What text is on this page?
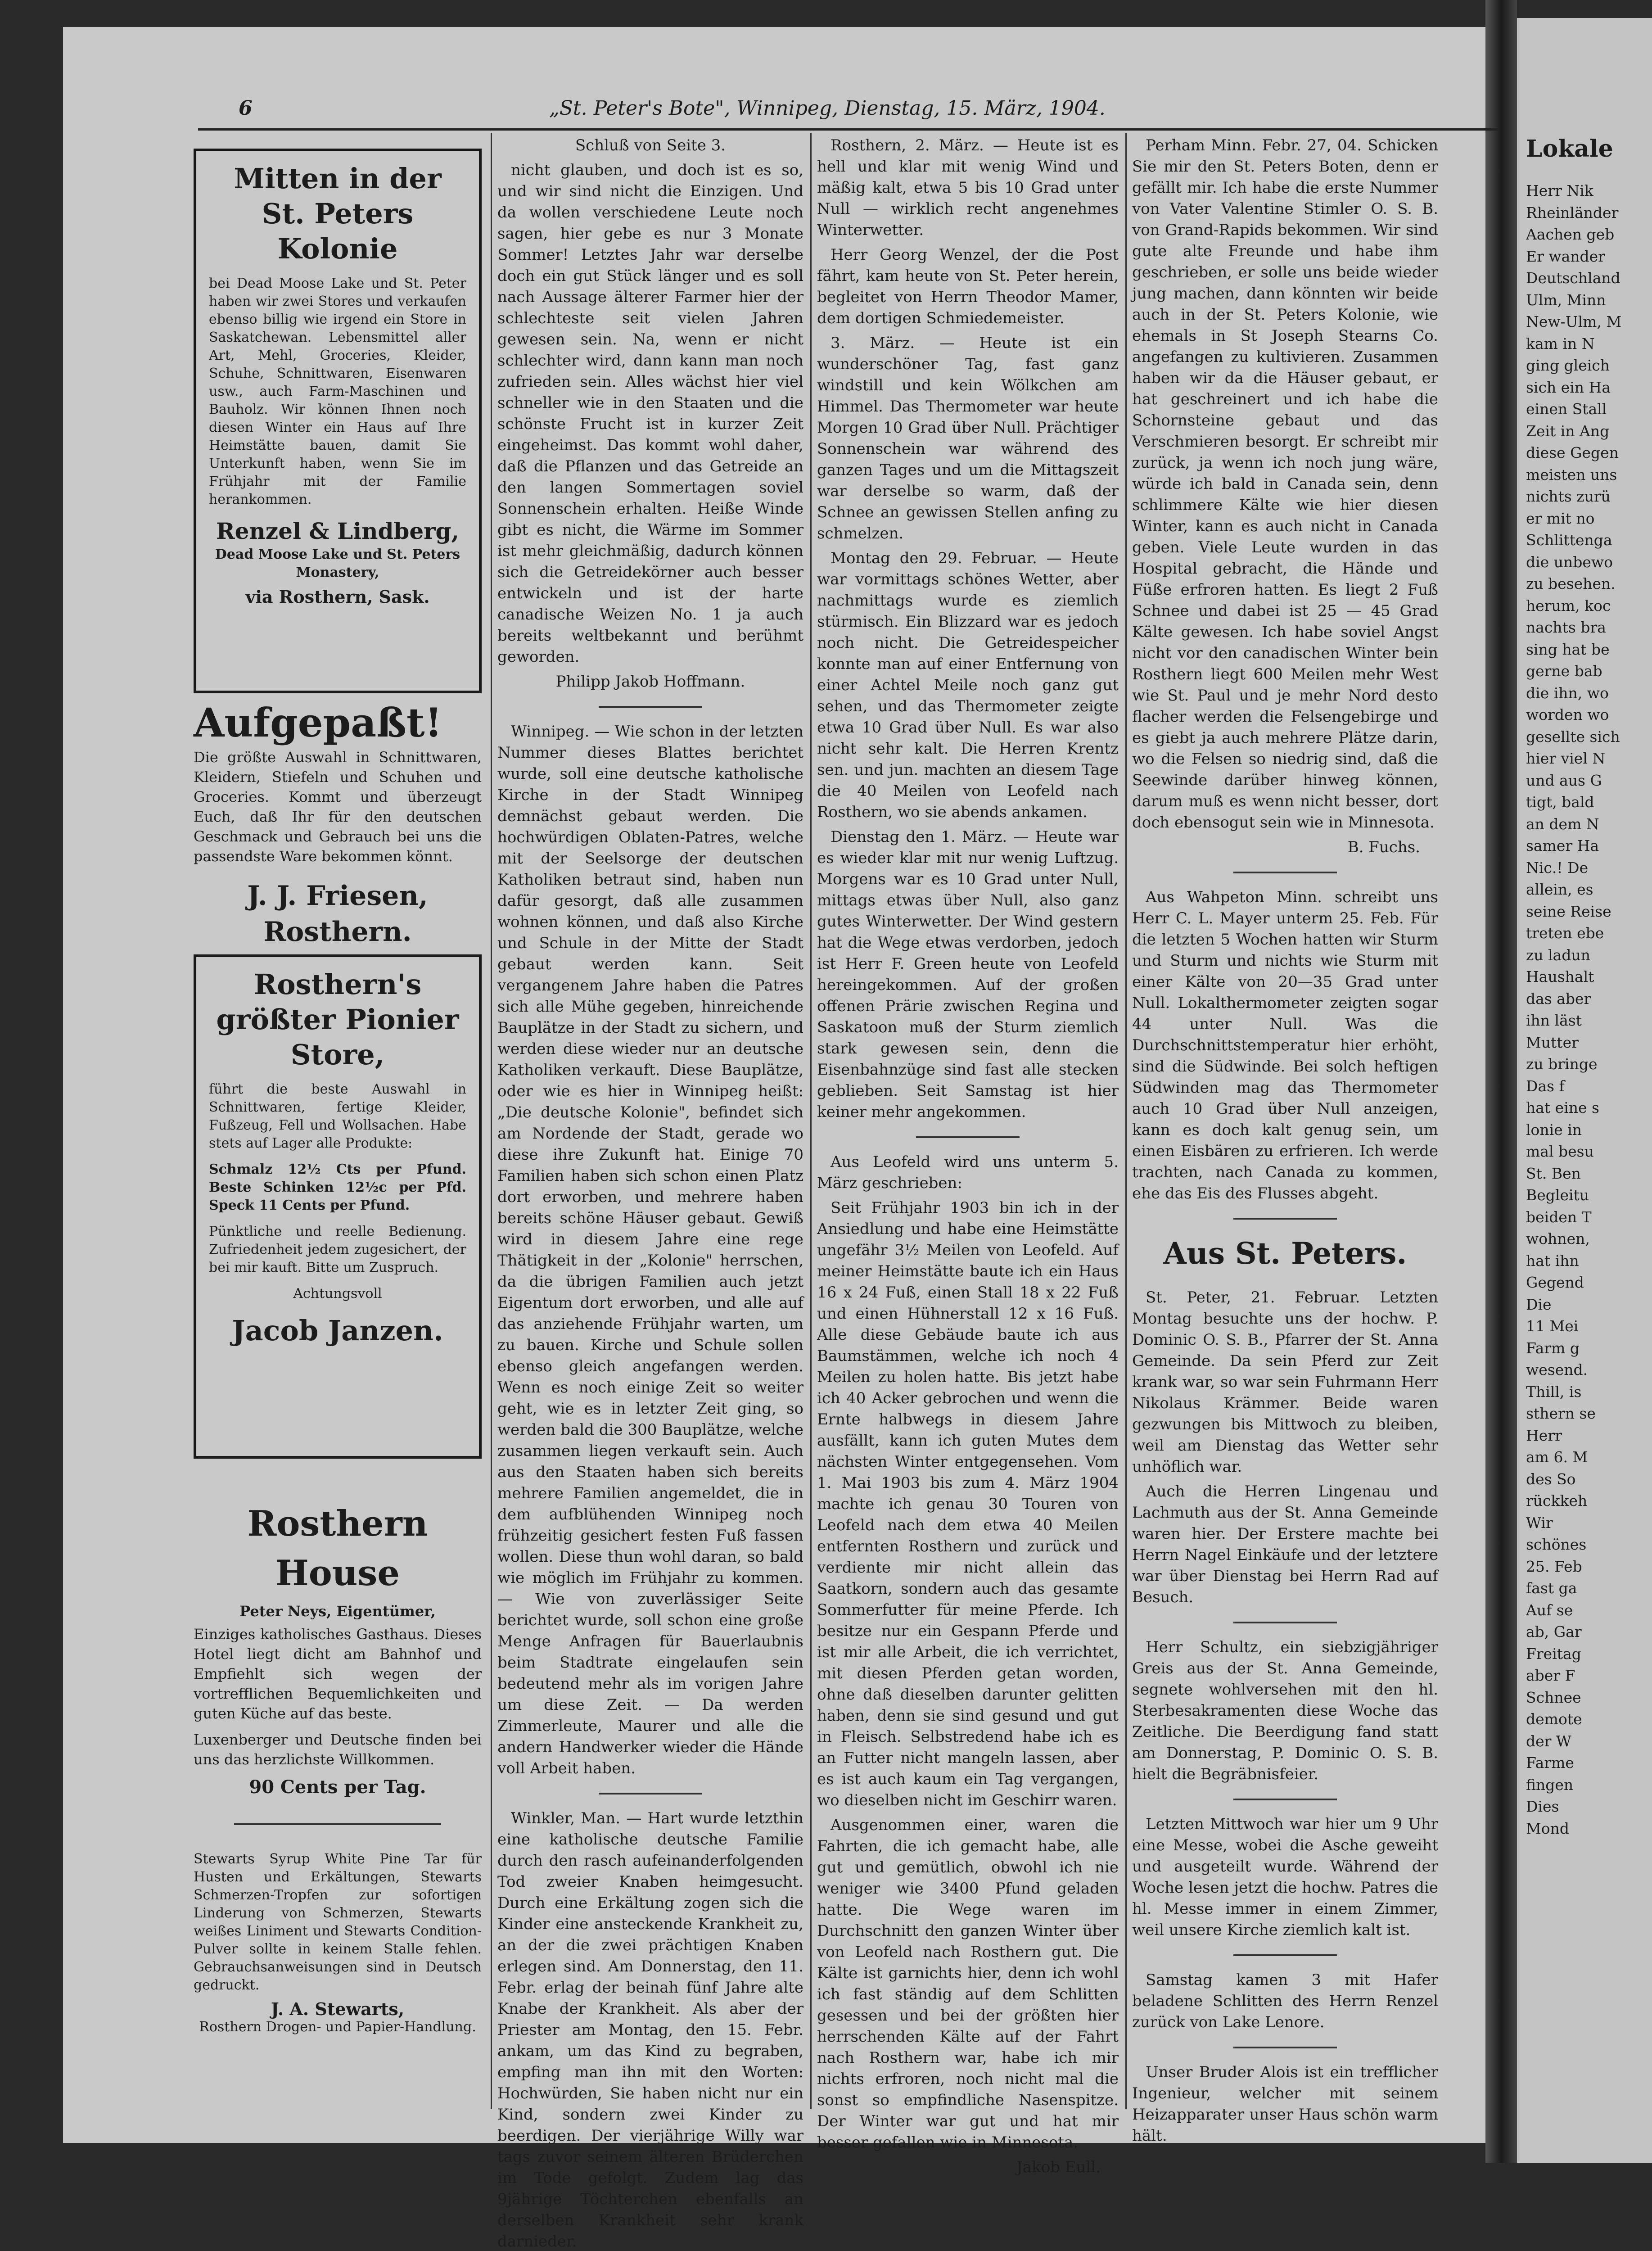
Lokale
Herr Nik
Rheinländer
Aachen geb
Er wander
Deutschland
Ulm, Minn
New-Ulm, M
kam in N
ging gleich
sich ein Ha
einen Stall
Zeit in Ang
diese Gegen
meisten uns
nichts zurü
er mit no
Schlittenga
die unbewo
zu besehen.
herum, koc
nachts bra
sing hat be
gerne bab
die ihn, wo
worden wo
gesellte sich
hier viel N
und aus G
tigt, bald
an dem N
samer Ha
Nic.! De
allein, es
seine Reise
treten ebe
zu ladun
Haushalt
das aber
ihn läst
Mutter
zu bringe
Das f
hat eine s
lonie in
mal besu
St. Ben
Begleitu
beiden T
wohnen,
hat ihn
Gegend
Die
11 Mei
Farm g
wesend.
Thill, is
sthern se
Herr
am 6. M
des So
rückkeh
Wir
schönes
25. Feb
fast ga
Auf se
ab, Gar
Freitag
aber F
Schnee
demote
der W
Farme
fingen
Dies
Mond
6	„St. Peter's Bote", Winnipeg, Dienstag, 15. März, 1904.
Mitten in der St. Peters Kolonie
bei Dead Moose Lake und St. Peter haben wir zwei Stores und verkaufen ebenso billig wie irgend ein Store in Saskatchewan. Lebensmittel aller Art, Mehl, Groceries, Kleider, Schuhe, Schnittwaren, Eisenwaren usw., auch Farm-Maschinen und Bauholz. Wir können Ihnen noch diesen Winter ein Haus auf Ihre Heimstätte bauen, damit Sie Unterkunft haben, wenn Sie im Frühjahr mit der Familie herankommen.
Renzel & Lindberg,
Dead Moose Lake und St. Peters Monastery,
via Rosthern, Sask.
Aufgepaßt!
Die größte Auswahl in Schnittwaren, Kleidern, Stiefeln und Schuhen und Groceries. Kommt und überzeugt Euch, daß Ihr für den deutschen Geschmack und Gebrauch bei uns die passendste Ware bekommen könnt.
J. J. Friesen, Rosthern.
Rosthern's größter Pionier Store,
führt die beste Auswahl in Schnittwaren, fertige Kleider, Fußzeug, Fell und Wollsachen. Habe stets auf Lager alle Produkte:
Schmalz 12½ Cts per Pfund. Beste Schinken 12½c per Pfd. Speck 11 Cents per Pfund.
Pünktliche und reelle Bedienung. Zufriedenheit jedem zugesichert, der bei mir kauft. Bitte um Zuspruch.
Achtungsvoll
Jacob Janzen.
Rosthern House
Peter Neys, Eigentümer,
Einziges katholisches Gasthaus. Dieses Hotel liegt dicht am Bahnhof und Empfiehlt sich wegen der vortrefflichen Bequemlichkeiten und guten Küche auf das beste.
Luxenberger und Deutsche finden bei uns das herzlichste Willkommen.
90 Cents per Tag.
Stewarts Syrup White Pine Tar für Husten und Erkältungen, Stewarts Schmerzen-Tropfen zur sofortigen Linderung von Schmerzen, Stewarts weißes Liniment und Stewarts Condition-Pulver sollte in keinem Stalle fehlen. Gebrauchsanweisungen sind in Deutsch gedruckt.
J. A. Stewarts,
Rosthern Drogen- und Papier-Handlung.

Schluß von Seite 3.

nicht glauben, und doch ist es so, und wir sind nicht die Einzigen. Und da wollen verschiedene Leute noch sagen, hier gebe es nur 3 Monate Sommer! Letztes Jahr war derselbe doch ein gut Stück länger und es soll nach Aussage älterer Farmer hier der schlechteste seit vielen Jahren gewesen sein. Na, wenn er nicht schlechter wird, dann kann man noch zufrieden sein. Alles wächst hier viel schneller wie in den Staaten und die schönste Frucht ist in kurzer Zeit eingeheimst. Das kommt wohl daher, daß die Pflanzen und das Getreide an den langen Sommertagen soviel Sonnenschein erhalten. Heiße Winde gibt es nicht, die Wärme im Sommer ist mehr gleichmäßig, dadurch können sich die Getreidekörner auch besser entwickeln und ist der harte canadische Weizen No. 1 ja auch bereits weltbekannt und berühmt geworden.

Philipp Jakob Hoffmann.

Winnipeg. — Wie schon in der letzten Nummer dieses Blattes berichtet wurde, soll eine deutsche katholische Kirche in der Stadt Winnipeg demnächst gebaut werden. Die hochwürdigen Oblaten-Patres, welche mit der Seelsorge der deutschen Katholiken betraut sind, haben nun dafür gesorgt, daß alle zusammen wohnen können, und daß also Kirche und Schule in der Mitte der Stadt gebaut werden kann. Seit vergangenem Jahre haben die Patres sich alle Mühe gegeben, hinreichende Bauplätze in der Stadt zu sichern, und werden diese wieder nur an deutsche Katholiken verkauft. Diese Bauplätze, oder wie es hier in Winnipeg heißt: „Die deutsche Kolonie", befindet sich am Nordende der Stadt, gerade wo diese ihre Zukunft hat. Einige 70 Familien haben sich schon einen Platz dort erworben, und mehrere haben bereits schöne Häuser gebaut. Gewiß wird in diesem Jahre eine rege Thätigkeit in der „Kolonie" herrschen, da die übrigen Familien auch jetzt Eigentum dort erworben, und alle auf das anziehende Frühjahr warten, um zu bauen. Kirche und Schule sollen ebenso gleich angefangen werden. Wenn es noch einige Zeit so weiter geht, wie es in letzter Zeit ging, so werden bald die 300 Bauplätze, welche zusammen liegen verkauft sein. Auch aus den Staaten haben sich bereits mehrere Familien angemeldet, die in dem aufblühenden Winnipeg noch frühzeitig gesichert festen Fuß fassen wollen. Diese thun wohl daran, so bald wie möglich im Frühjahr zu kommen. — Wie von zuverlässiger Seite berichtet wurde, soll schon eine große Menge Anfragen für Bauerlaubnis beim Stadtrate eingelaufen sein bedeutend mehr als im vorigen Jahre um diese Zeit. — Da werden Zimmerleute, Maurer und alle die andern Handwerker wieder die Hände voll Arbeit haben.

Winkler, Man. — Hart wurde letzthin eine katholische deutsche Familie durch den rasch aufeinanderfolgenden Tod zweier Knaben heimgesucht. Durch eine Erkältung zogen sich die Kinder eine ansteckende Krankheit zu, an der die zwei prächtigen Knaben erlegen sind. Am Donnerstag, den 11. Febr. erlag der beinah fünf Jahre alte Knabe der Krankheit. Als aber der Priester am Montag, den 15. Febr. ankam, um das Kind zu begraben, empfing man ihn mit den Worten: Hochwürden, Sie haben nicht nur ein Kind, sondern zwei Kinder zu beerdigen. Der vierjährige Willy war tags zuvor seinem älteren Brüderchen im Tode gefolgt. Zudem lag das 9jährige Töchterchen ebenfalls an derselben Krankheit sehr krank darnieder.

Rosthern, 2. März. — Heute ist es hell und klar mit wenig Wind und mäßig kalt, etwa 5 bis 10 Grad unter Null — wirklich recht angenehmes Winterwetter.

Herr Georg Wenzel, der die Post fährt, kam heute von St. Peter herein, begleitet von Herrn Theodor Mamer, dem dortigen Schmiedemeister.

3. März. — Heute ist ein wunderschöner Tag, fast ganz windstill und kein Wölkchen am Himmel. Das Thermometer war heute Morgen 10 Grad über Null. Prächtiger Sonnenschein war während des ganzen Tages und um die Mittagszeit war derselbe so warm, daß der Schnee an gewissen Stellen anfing zu schmelzen.

Montag den 29. Februar. — Heute war vormittags schönes Wetter, aber nachmittags wurde es ziemlich stürmisch. Ein Blizzard war es jedoch noch nicht. Die Getreidespeicher konnte man auf einer Entfernung von einer Achtel Meile noch ganz gut sehen, und das Thermometer zeigte etwa 10 Grad über Null. Es war also nicht sehr kalt. Die Herren Krentz sen. und jun. machten an diesem Tage die 40 Meilen von Leofeld nach Rosthern, wo sie abends ankamen.

Dienstag den 1. März. — Heute war es wieder klar mit nur wenig Luftzug. Morgens war es 10 Grad unter Null, mittags etwas über Null, also ganz gutes Winterwetter. Der Wind gestern hat die Wege etwas verdorben, jedoch ist Herr F. Green heute von Leofeld hereingekommen. Auf der großen offenen Prärie zwischen Regina und Saskatoon muß der Sturm ziemlich stark gewesen sein, denn die Eisenbahnzüge sind fast alle stecken geblieben. Seit Samstag ist hier keiner mehr angekommen.

Aus Leofeld wird uns unterm 5. März geschrieben:

Seit Frühjahr 1903 bin ich in der Ansiedlung und habe eine Heimstätte ungefähr 3½ Meilen von Leofeld. Auf meiner Heimstätte baute ich ein Haus 16 x 24 Fuß, einen Stall 18 x 22 Fuß und einen Hühnerstall 12 x 16 Fuß. Alle diese Gebäude baute ich aus Baumstämmen, welche ich noch 4 Meilen zu holen hatte. Bis jetzt habe ich 40 Acker gebrochen und wenn die Ernte halbwegs in diesem Jahre ausfällt, kann ich guten Mutes dem nächsten Winter entgegensehen. Vom 1. Mai 1903 bis zum 4. März 1904 machte ich genau 30 Touren von Leofeld nach dem etwa 40 Meilen entfernten Rosthern und zurück und verdiente mir nicht allein das Saatkorn, sondern auch das gesamte Sommerfutter für meine Pferde. Ich besitze nur ein Gespann Pferde und ist mir alle Arbeit, die ich verrichtet, mit diesen Pferden getan worden, ohne daß dieselben darunter gelitten haben, denn sie sind gesund und gut in Fleisch. Selbstredend habe ich es an Futter nicht mangeln lassen, aber es ist auch kaum ein Tag vergangen, wo dieselben nicht im Geschirr waren.

Ausgenommen einer, waren die Fahrten, die ich gemacht habe, alle gut und gemütlich, obwohl ich nie weniger wie 3400 Pfund geladen hatte. Die Wege waren im Durchschnitt den ganzen Winter über von Leofeld nach Rosthern gut. Die Kälte ist garnichts hier, denn ich wohl ich fast ständig auf dem Schlitten gesessen und bei der größten hier herrschenden Kälte auf der Fahrt nach Rosthern war, habe ich mir nichts erfroren, noch nicht mal die sonst so empfindliche Nasenspitze. Der Winter war gut und hat mir besser gefallen wie in Minnesota.

Jakob Eull.

Perham Minn. Febr. 27, 04. Schicken Sie mir den St. Peters Boten, denn er gefällt mir. Ich habe die erste Nummer von Vater Valentine Stimler O. S. B. von Grand-Rapids bekommen. Wir sind gute alte Freunde und habe ihm geschrieben, er solle uns beide wieder jung machen, dann könnten wir beide auch in der St. Peters Kolonie, wie ehemals in St Joseph Stearns Co. angefangen zu kultivieren. Zusammen haben wir da die Häuser gebaut, er hat geschreinert und ich habe die Schornsteine gebaut und das Verschmieren besorgt. Er schreibt mir zurück, ja wenn ich noch jung wäre, würde ich bald in Canada sein, denn schlimmere Kälte wie hier diesen Winter, kann es auch nicht in Canada geben. Viele Leute wurden in das Hospital gebracht, die Hände und Füße erfroren hatten. Es liegt 2 Fuß Schnee und dabei ist 25 — 45 Grad Kälte gewesen. Ich habe soviel Angst nicht vor den canadischen Winter bein Rosthern liegt 600 Meilen mehr West wie St. Paul und je mehr Nord desto flacher werden die Felsengebirge und es giebt ja auch mehrere Plätze darin, wo die Felsen so niedrig sind, daß die Seewinde darüber hinweg können, darum muß es wenn nicht besser, dort doch ebensogut sein wie in Minnesota.

B. Fuchs.

Aus Wahpeton Minn. schreibt uns Herr C. L. Mayer unterm 25. Feb. Für die letzten 5 Wochen hatten wir Sturm und Sturm und nichts wie Sturm mit einer Kälte von 20—35 Grad unter Null. Lokalthermometer zeigten sogar 44 unter Null. Was die Durchschnittstemperatur hier erhöht, sind die Südwinde. Bei solch heftigen Südwinden mag das Thermometer auch 10 Grad über Null anzeigen, kann es doch kalt genug sein, um einen Eisbären zu erfrieren. Ich werde trachten, nach Canada zu kommen, ehe das Eis des Flusses abgeht.

Aus St. Peters.

St. Peter, 21. Februar. Letzten Montag besuchte uns der hochw. P. Dominic O. S. B., Pfarrer der St. Anna Gemeinde. Da sein Pferd zur Zeit krank war, so war sein Fuhrmann Herr Nikolaus Krämmer. Beide waren gezwungen bis Mittwoch zu bleiben, weil am Dienstag das Wetter sehr unhöflich war.

Auch die Herren Lingenau und Lachmuth aus der St. Anna Gemeinde waren hier. Der Erstere machte bei Herrn Nagel Einkäufe und der letztere war über Dienstag bei Herrn Rad auf Besuch.

Herr Schultz, ein siebzigjähriger Greis aus der St. Anna Gemeinde, segnete wohlversehen mit den hl. Sterbesakramenten diese Woche das Zeitliche. Die Beerdigung fand statt am Donnerstag, P. Dominic O. S. B. hielt die Begräbnisfeier.

Letzten Mittwoch war hier um 9 Uhr eine Messe, wobei die Asche geweiht und ausgeteilt wurde. Während der Woche lesen jetzt die hochw. Patres die hl. Messe immer in einem Zimmer, weil unsere Kirche ziemlich kalt ist.

Samstag kamen 3 mit Hafer beladene Schlitten des Herrn Renzel zurück von Lake Lenore.

Unser Bruder Alois ist ein trefflicher Ingenieur, welcher mit seinem Heizapparater unser Haus schön warm hält.
